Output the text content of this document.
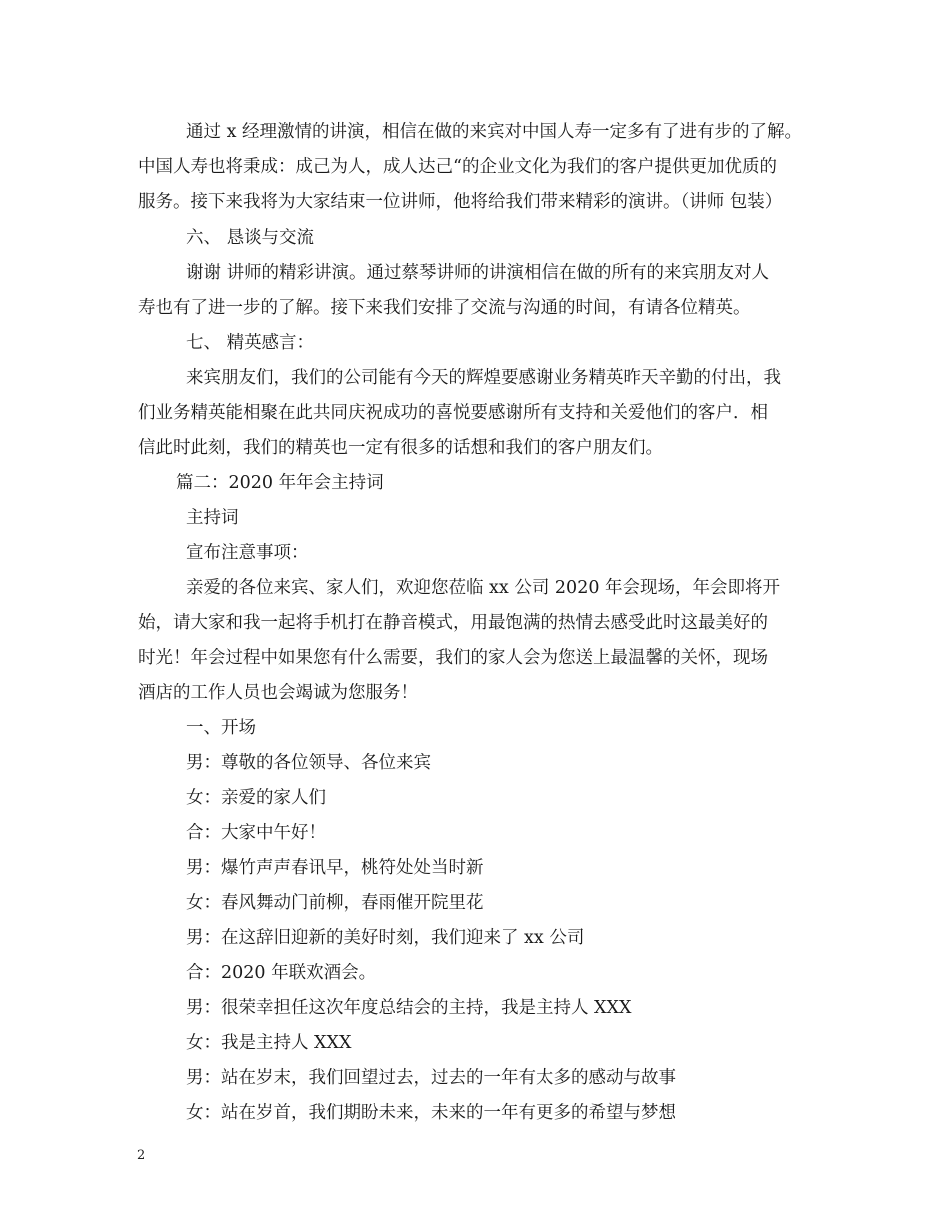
通过 x 经理激情的讲演，相信在做的来宾对中国人寿一定多有了进有步的了解。
中国人寿也将秉成：成己为人，成人达己“的企业文化为我们的客户提供更加优质的
服务。接下来我将为大家结束一位讲师，他将给我们带来精彩的演讲。（讲师 包装）
六、 恳谈与交流
谢谢 讲师的精彩讲演。通过蔡琴讲师的讲演相信在做的所有的来宾朋友对人
寿也有了进一步的了解。接下来我们安排了交流与沟通的时间，有请各位精英。
七、 精英感言：
来宾朋友们，我们的公司能有今天的辉煌要感谢业务精英昨天辛勤的付出，我
们业务精英能相聚在此共同庆祝成功的喜悦要感谢所有支持和关爱他们的客户．相
信此时此刻，我们的精英也一定有很多的话想和我们的客户朋友们。
篇二：2020 年年会主持词
主持词
宣布注意事项：
亲爱的各位来宾、家人们，欢迎您莅临 xx 公司 2020 年会现场，年会即将开
始，请大家和我一起将手机打在静音模式，用最饱满的热情去感受此时这最美好的
时光！年会过程中如果您有什么需要，我们的家人会为您送上最温馨的关怀，现场
酒店的工作人员也会竭诚为您服务！
一、开场
男：尊敬的各位领导、各位来宾
女：亲爱的家人们
合：大家中午好！
男：爆竹声声春讯早，桃符处处当时新
女：春风舞动门前柳，春雨催开院里花
男：在这辞旧迎新的美好时刻，我们迎来了 xx 公司
合：2020 年联欢酒会。
男：很荣幸担任这次年度总结会的主持，我是主持人 XXX
女：我是主持人 XXX
男：站在岁末，我们回望过去，过去的一年有太多的感动与故事
女：站在岁首，我们期盼未来，未来的一年有更多的希望与梦想
2
